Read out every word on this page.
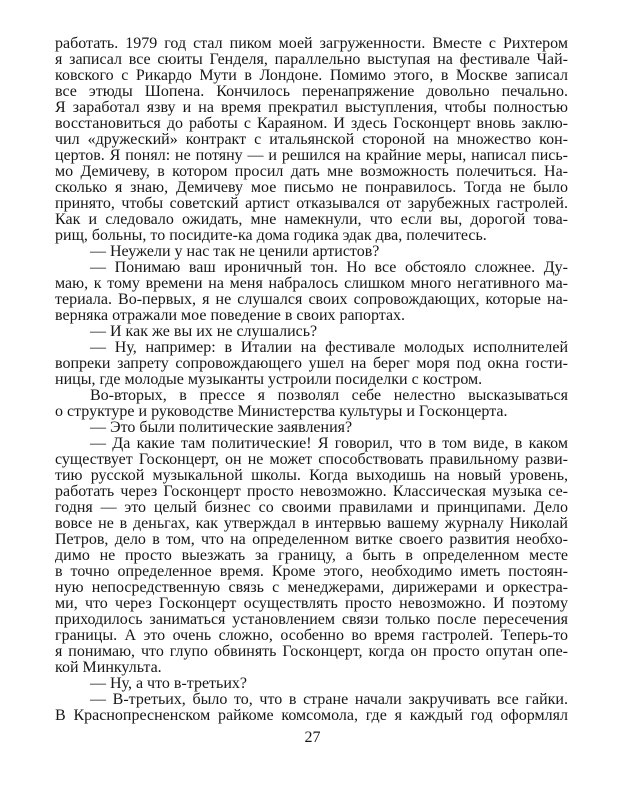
работать. 1979 год стал пиком моей загруженности. Вместе с Рихтером
я записал все сюиты Генделя, параллельно выступая на фестивале Чай-
ковского с Рикардо Мути в Лондоне. Помимо этого, в Москве записал
все этюды Шопена. Кончилось перенапряжение довольно печально.
Я заработал язву и на время прекратил выступления, чтобы полностью
восстановиться до работы с Караяном. И здесь Госконцерт вновь заклю-
чил «дружеский» контракт с итальянской стороной на множество кон-
цертов. Я понял: не потяну — и решился на крайние меры, написал пись-
мо Демичеву, в котором просил дать мне возможность полечиться. На-
сколько я знаю, Демичеву мое письмо не понравилось. Тогда не было
принято, чтобы советский артист отказывался от зарубежных гастролей.
Как и следовало ожидать, мне намекнули, что если вы, дорогой това-
рищ, больны, то посидите-ка дома годика эдак два, полечитесь.
— Неужели у нас так не ценили артистов?
— Понимаю ваш ироничный тон. Но все обстояло сложнее. Ду-
маю, к тому времени на меня набралось слишком много негативного ма-
териала. Во-первых, я не слушался своих сопровождающих, которые на-
верняка отражали мое поведение в своих рапортах.
— И как же вы их не слушались?
— Ну, например: в Италии на фестивале молодых исполнителей
вопреки запрету сопровождающего ушел на берег моря под окна гости-
ницы, где молодые музыканты устроили посиделки с костром.
Во-вторых, в прессе я позволял себе нелестно высказываться
о структуре и руководстве Министерства культуры и Госконцерта.
— Это были политические заявления?
— Да какие там политические! Я говорил, что в том виде, в каком
существует Госконцерт, он не может способствовать правильному разви-
тию русской музыкальной школы. Когда выходишь на новый уровень,
работать через Госконцерт просто невозможно. Классическая музыка се-
годня — это целый бизнес со своими правилами и принципами. Дело
вовсе не в деньгах, как утверждал в интервью вашему журналу Николай
Петров, дело в том, что на определенном витке своего развития необхо-
димо не просто выезжать за границу, а быть в определенном месте
в точно определенное время. Кроме этого, необходимо иметь постоян-
ную непосредственную связь с менеджерами, дирижерами и оркестра-
ми, что через Госконцерт осуществлять просто невозможно. И поэтому
приходилось заниматься установлением связи только после пересечения
границы. А это очень сложно, особенно во время гастролей. Теперь-то
я понимаю, что глупо обвинять Госконцерт, когда он просто опутан опе-
кой Минкульта.
— Ну, а что в-третьих?
— В-третьих, было то, что в стране начали закручивать все гайки.
В Краснопресненском райкоме комсомола, где я каждый год оформлял
27
